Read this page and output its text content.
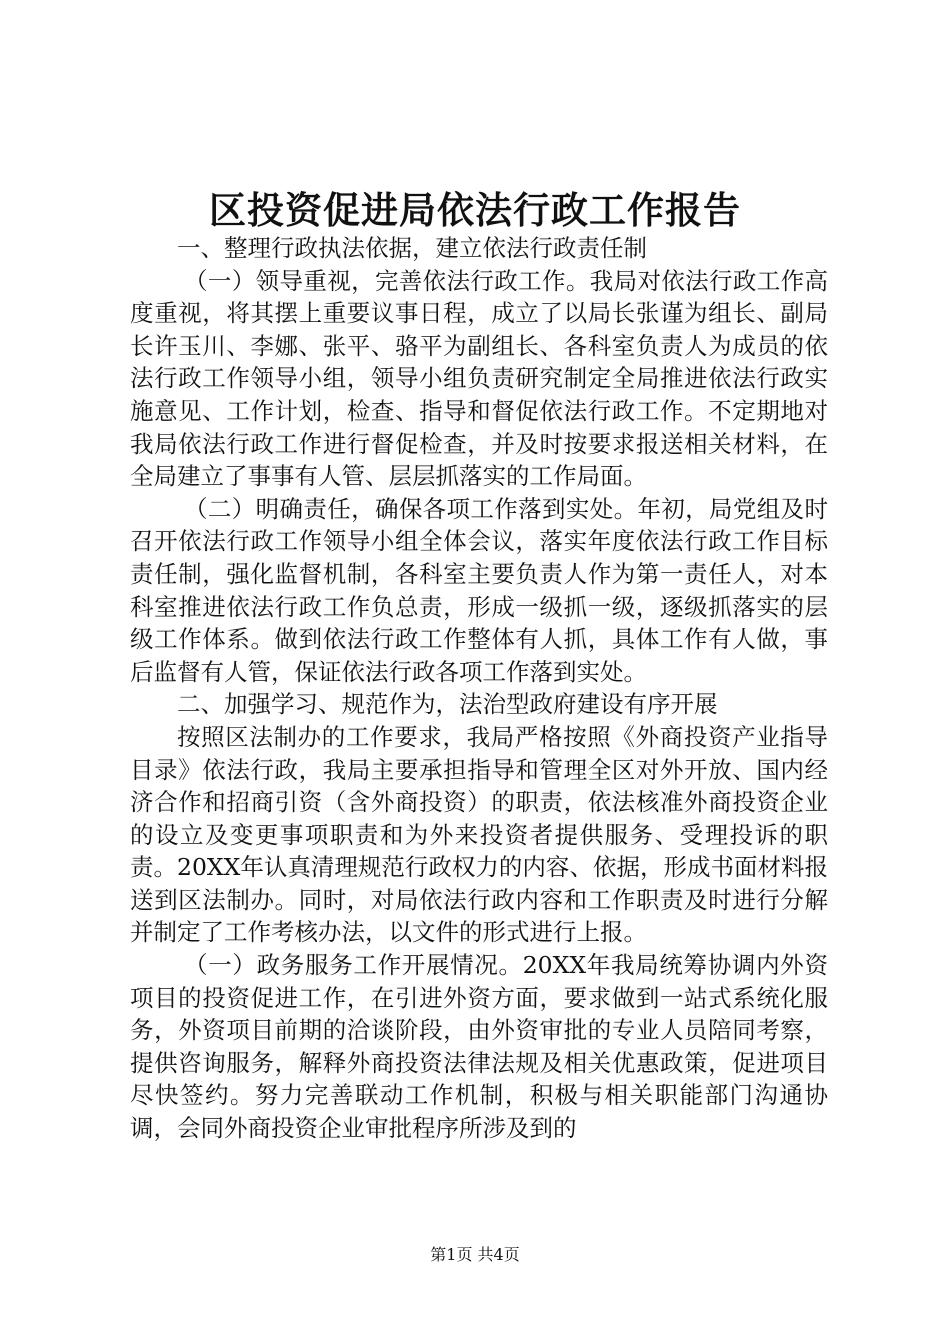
区投资促进局依法行政工作报告

一、整理行政执法依据，建立依法行政责任制

（一）领导重视，完善依法行政工作。我局对依法行政工作高度重视，将其摆上重要议事日程，成立了以局长张谨为组长、副局长许玉川、李娜、张平、骆平为副组长、各科室负责人为成员的依法行政工作领导小组，领导小组负责研究制定全局推进依法行政实施意见、工作计划，检查、指导和督促依法行政工作。不定期地对我局依法行政工作进行督促检查，并及时按要求报送相关材料，在全局建立了事事有人管、层层抓落实的工作局面。

（二）明确责任，确保各项工作落到实处。年初，局党组及时召开依法行政工作领导小组全体会议，落实年度依法行政工作目标责任制，强化监督机制，各科室主要负责人作为第一责任人，对本科室推进依法行政工作负总责，形成一级抓一级，逐级抓落实的层级工作体系。做到依法行政工作整体有人抓，具体工作有人做，事后监督有人管，保证依法行政各项工作落到实处。

二、加强学习、规范作为，法治型政府建设有序开展

按照区法制办的工作要求，我局严格按照《外商投资产业指导目录》依法行政，我局主要承担指导和管理全区对外开放、国内经济合作和招商引资（含外商投资）的职责，依法核准外商投资企业的设立及变更事项职责和为外来投资者提供服务、受理投诉的职责。20XX年认真清理规范行政权力的内容、依据，形成书面材料报送到区法制办。同时，对局依法行政内容和工作职责及时进行分解并制定了工作考核办法，以文件的形式进行上报。

（一）政务服务工作开展情况。20XX年我局统筹协调内外资项目的投资促进工作，在引进外资方面，要求做到一站式系统化服务，外资项目前期的洽谈阶段，由外资审批的专业人员陪同考察，提供咨询服务，解释外商投资法律法规及相关优惠政策，促进项目尽快签约。努力完善联动工作机制，积极与相关职能部门沟通协调，会同外商投资企业审批程序所涉及到的

第1页 共4页
